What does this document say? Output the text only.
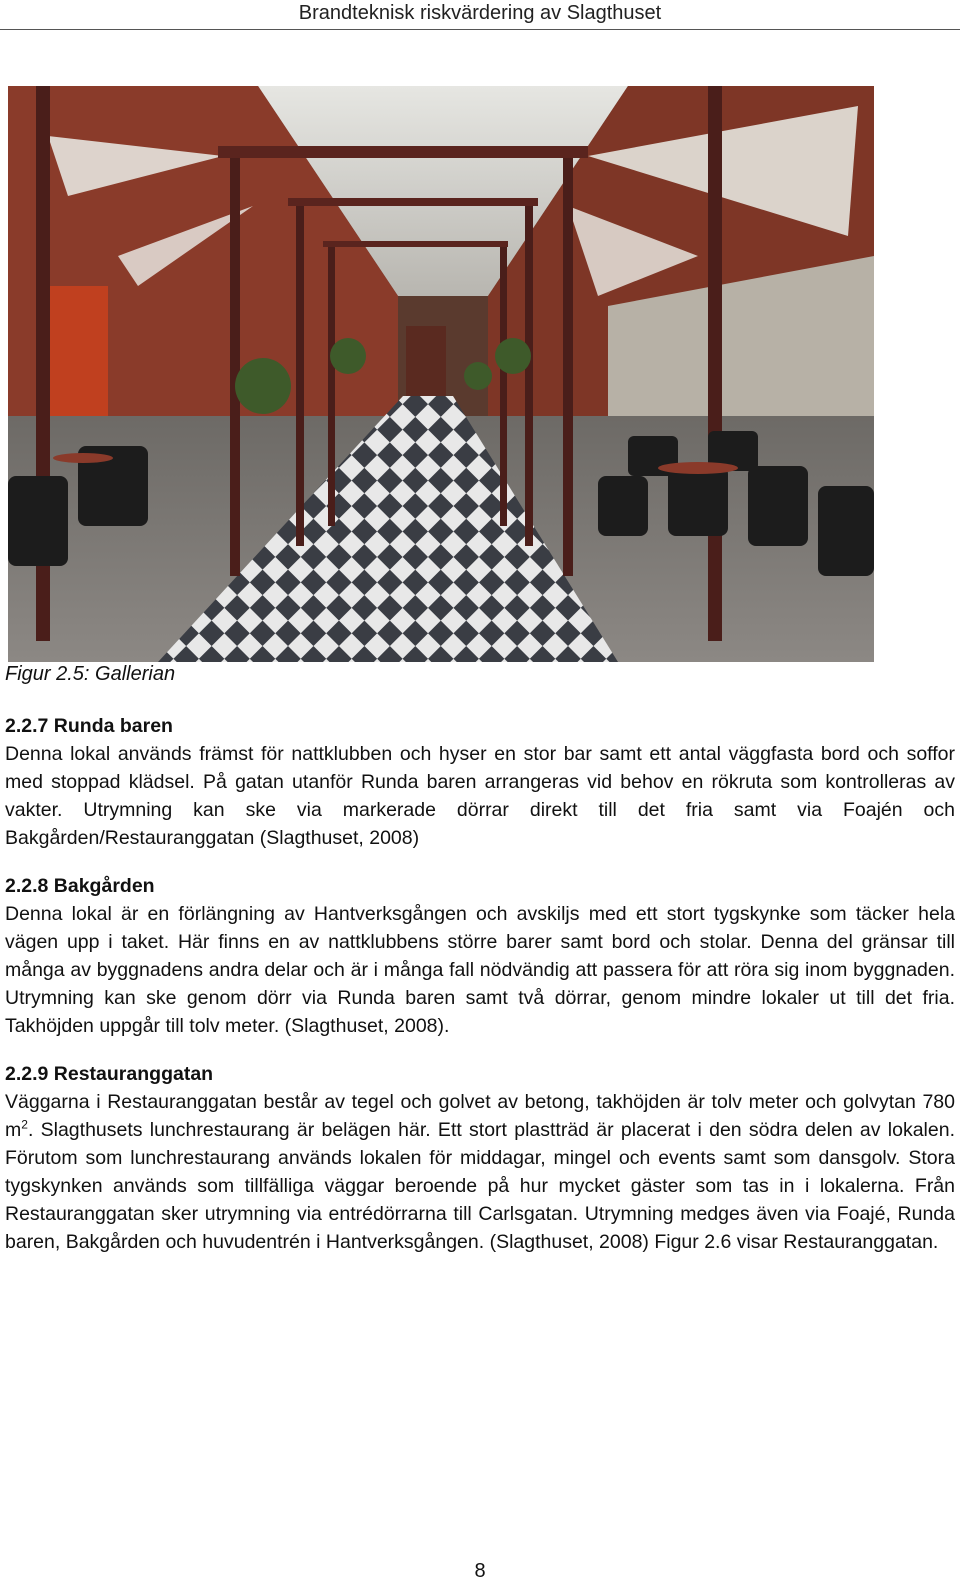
Brandteknisk riskvärdering av Slagthuset
Figur 2.5: Gallerian

2.2.7 Runda baren

Denna lokal används främst för nattklubben och hyser en stor bar samt ett antal väggfasta bord och soffor med stoppad klädsel. På gatan utanför Runda baren arrangeras vid behov en rökruta som kontrolleras av vakter. Utrymning kan ske via markerade dörrar direkt till det fria samt via Foajén och Bakgården/Restauranggatan (Slagthuset, 2008)

2.2.8 Bakgården

Denna lokal är en förlängning av Hantverksgången och avskiljs med ett stort tygskynke som täcker hela vägen upp i taket. Här finns en av nattklubbens större barer samt bord och stolar. Denna del gränsar till många av byggnadens andra delar och är i många fall nödvändig att passera för att röra sig inom byggnaden. Utrymning kan ske genom dörr via Runda baren samt två dörrar, genom mindre lokaler ut till det fria. Takhöjden uppgår till tolv meter. (Slagthuset, 2008).

2.2.9 Restauranggatan

Väggarna i Restauranggatan består av tegel och golvet av betong, takhöjden är tolv meter och golvytan 780 $m^2$. Slagthusets lunchrestaurang är belägen här. Ett stort plastträd är placerat i den södra delen av lokalen. Förutom som lunchrestaurang används lokalen för middagar, mingel och events samt som dansgolv. Stora tygskynken används som tillfälliga väggar beroende på hur mycket gäster som tas in i lokalerna. Från Restauranggatan sker utrymning via entrédörrarna till Carlsgatan. Utrymning medges även via Foajé, Runda baren, Bakgården och huvudentrén i Hantverksgången. (Slagthuset, 2008) Figur 2.6 visar Restauranggatan.

8
